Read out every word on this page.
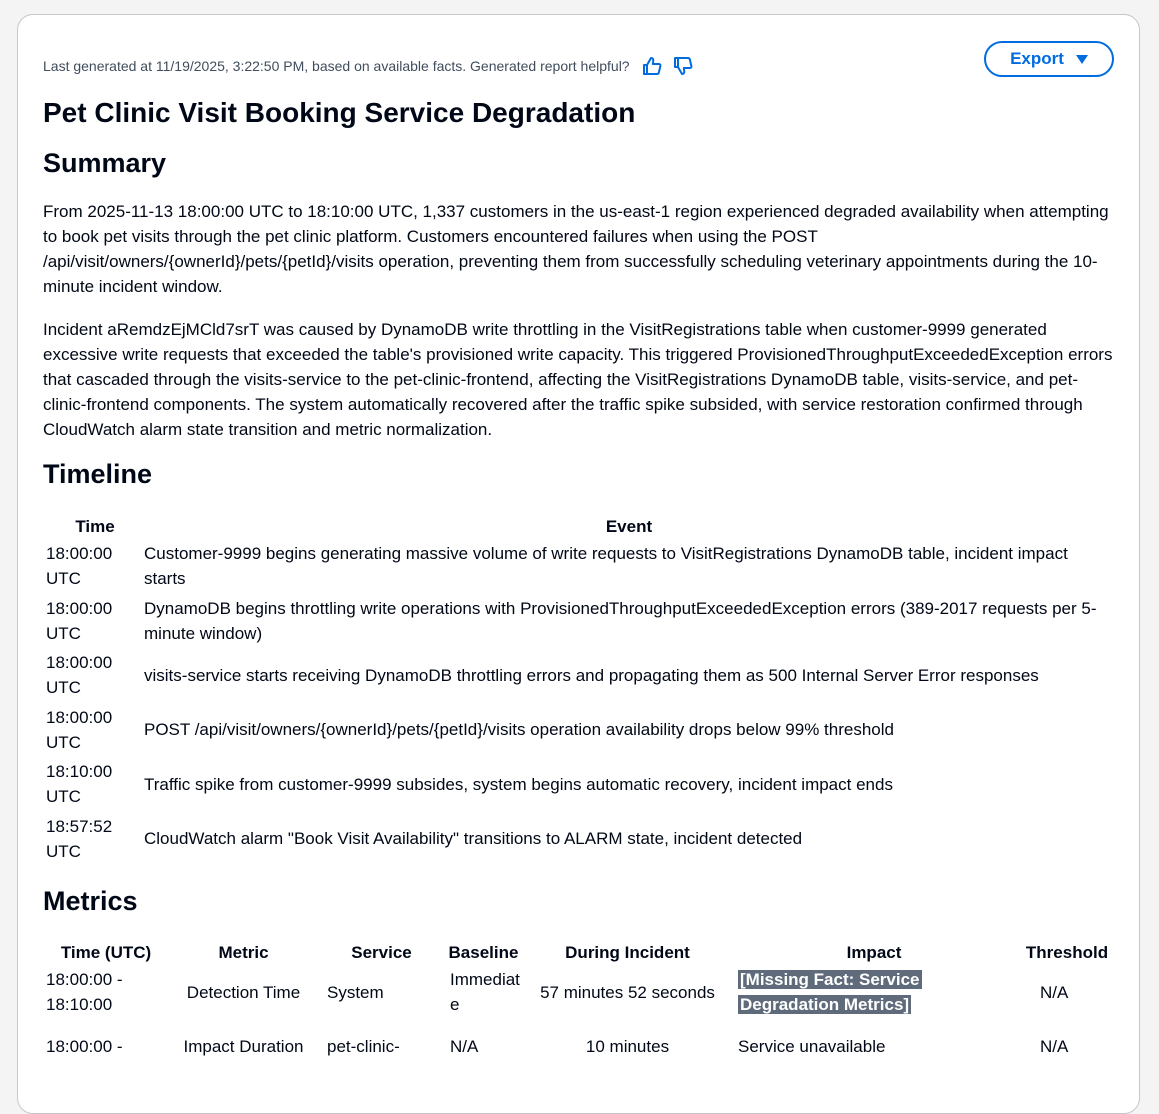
Last generated at 11/19/2025, 3:22:50 PM, based on available facts. Generated report helpful?	Export
Pet Clinic Visit Booking Service Degradation
Summary

From 2025-11-13 18:00:00 UTC to 18:10:00 UTC, 1,337 customers in the us-east-1 region experienced degraded availability when attempting to book pet visits through the pet clinic platform. Customers encountered failures when using the POST /api/visit/owners/{ownerId}/pets/{petId}/visits operation, preventing them from successfully scheduling veterinary appointments during the 10-minute incident window.

Incident aRemdzEjMCld7srT was caused by DynamoDB write throttling in the VisitRegistrations table when customer-9999 generated excessive write requests that exceeded the table's provisioned write capacity. This triggered ProvisionedThroughputExceededException errors that cascaded through the visits-service to the pet-clinic-frontend, affecting the VisitRegistrations DynamoDB table, visits-service, and pet-clinic-frontend components. The system automatically recovered after the traffic spike subsided, with service restoration confirmed through CloudWatch alarm state transition and metric normalization.

Timeline
Time	Event
18:00:00 UTC	Customer-9999 begins generating massive volume of write requests to VisitRegistrations DynamoDB table, incident impact starts
18:00:00 UTC	DynamoDB begins throttling write operations with ProvisionedThroughputExceededException errors (389-2017 requests per 5-minute window)
18:00:00 UTC	visits-service starts receiving DynamoDB throttling errors and propagating them as 500 Internal Server Error responses
18:00:00 UTC	POST /api/visit/owners/{ownerId}/pets/{petId}/visits operation availability drops below 99% threshold
18:10:00 UTC	Traffic spike from customer-9999 subsides, system begins automatic recovery, incident impact ends
18:57:52 UTC	CloudWatch alarm "Book Visit Availability" transitions to ALARM state, incident detected
Metrics
Time (UTC)	Metric	Service	Baseline	During Incident	Impact	Threshold
18:00:00 - 18:10:00	Detection Time	System	Immediate	57 minutes 52 seconds	[Missing Fact: Service Degradation Metrics]	N/A
18:00:00 -	Impact Duration	pet-clinic-	N/A	10 minutes	Service unavailable	N/A
